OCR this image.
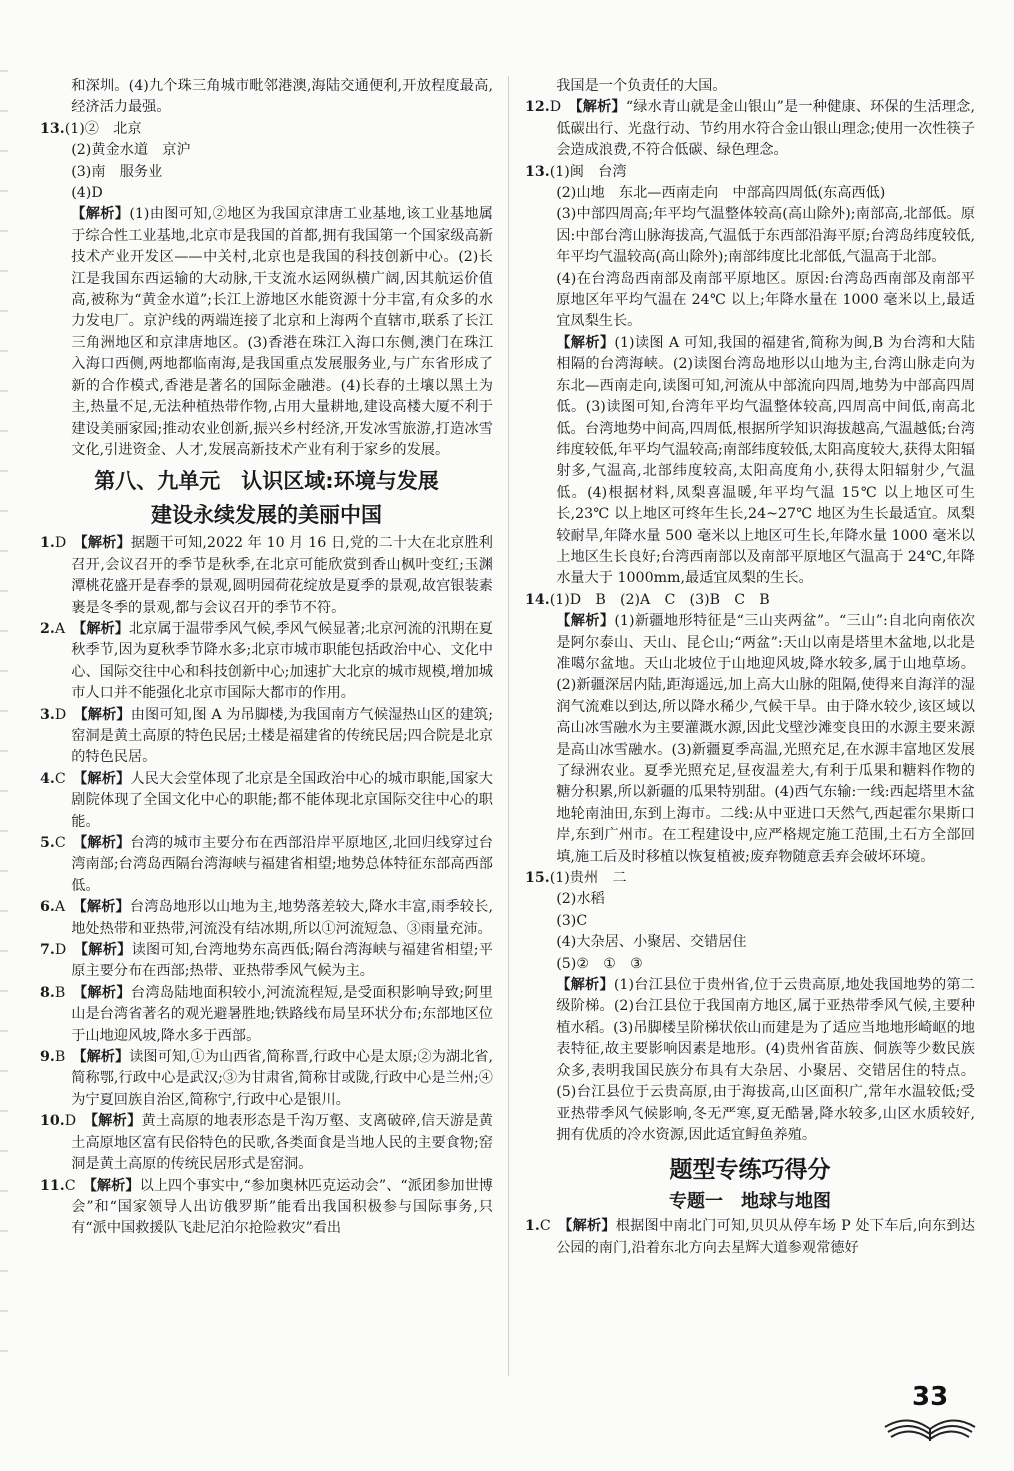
和深圳。(4)九个珠三角城市毗邻港澳,海陆交通便利,开放程度最高,经济活力最强。

13.(1)②　北京

(2)黄金水道　京沪

(3)南　服务业

(4)D

【解析】(1)由图可知,②地区为我国京津唐工业基地,该工业基地属于综合性工业基地,北京市是我国的首都,拥有我国第一个国家级高新技术产业开发区——中关村,北京也是我国的科技创新中心。(2)长江是我国东西运输的大动脉,干支流水运网纵横广阔,因其航运价值高,被称为“黄金水道”;长江上游地区水能资源十分丰富,有众多的水力发电厂。京沪线的两端连接了北京和上海两个直辖市,联系了长江三角洲地区和京津唐地区。(3)香港在珠江入海口东侧,澳门在珠江入海口西侧,两地都临南海,是我国重点发展服务业,与广东省形成了新的合作模式,香港是著名的国际金融港。(4)长春的土壤以黑土为主,热量不足,无法种植热带作物,占用大量耕地,建设高楼大厦不利于建设美丽家园;推动农业创新,振兴乡村经济,开发冰雪旅游,打造冰雪文化,引进资金、人才,发展高新技术产业有利于家乡的发展。

第八、九单元　认识区域:环境与发展
建设永续发展的美丽中国

1.D　 【解析】据题干可知,2022 年 10 月 16 日,党的二十大在北京胜利召开,会议召开的季节是秋季,在北京可能欣赏到香山枫叶变红;玉渊潭桃花盛开是春季的景观,圆明园荷花绽放是夏季的景观,故宫银装素裹是冬季的景观,都与会议召开的季节不符。

2.A　 【解析】北京属于温带季风气候,季风气候显著;北京河流的汛期在夏秋季节,因为夏秋季节降水多;北京市城市职能包括政治中心、文化中心、国际交往中心和科技创新中心;加速扩大北京的城市规模,增加城市人口并不能强化北京市国际大都市的作用。

3.D　 【解析】由图可知,图 A 为吊脚楼,为我国南方气候湿热山区的建筑;窑洞是黄土高原的特色民居;土楼是福建省的传统民居;四合院是北京的特色民居。

4.C　 【解析】人民大会堂体现了北京是全国政治中心的城市职能,国家大剧院体现了全国文化中心的职能;都不能体现北京国际交往中心的职能。

5.C　 【解析】台湾的城市主要分布在西部沿岸平原地区,北回归线穿过台湾南部;台湾岛西隔台湾海峡与福建省相望;地势总体特征东部高西部低。

6.A　 【解析】台湾岛地形以山地为主,地势落差较大,降水丰富,雨季较长,地处热带和亚热带,河流没有结冰期,所以①河流短急、③雨量充沛。

7.D　 【解析】读图可知,台湾地势东高西低;隔台湾海峡与福建省相望;平原主要分布在西部;热带、亚热带季风气候为主。

8.B　 【解析】台湾岛陆地面积较小,河流流程短,是受面积影响导致;阿里山是台湾省著名的观光避暑胜地;铁路线布局呈环状分布;东部地区位于山地迎风坡,降水多于西部。

9.B　 【解析】读图可知,①为山西省,简称晋,行政中心是太原;②为湖北省,简称鄂,行政中心是武汉;③为甘肃省,简称甘或陇,行政中心是兰州;④为宁夏回族自治区,简称宁,行政中心是银川。

10.D　 【解析】黄土高原的地表形态是千沟万壑、支离破碎,信天游是黄土高原地区富有民俗特色的民歌,各类面食是当地人民的主要食物;窑洞是黄土高原的传统民居形式是窑洞。

11.C　 【解析】以上四个事实中,“参加奥林匹克运动会”、“派团参加世博会”和“国家领导人出访俄罗斯”能看出我国积极参与国际事务,只有“派中国救援队飞赴尼泊尔抢险救灾”看出

我国是一个负责任的大国。

12.D　 【解析】“绿水青山就是金山银山”是一种健康、环保的生活理念,低碳出行、光盘行动、节约用水符合金山银山理念;使用一次性筷子会造成浪费,不符合低碳、绿色理念。

13.(1)闽　台湾

(2)山地　东北—西南走向　中部高四周低(东高西低)

(3)中部四周高;年平均气温整体较高(高山除外);南部高,北部低。原因:中部台湾山脉海拔高,气温低于东西部沿海平原;台湾岛纬度较低,年平均气温较高(高山除外);南部纬度比北部低,气温高于北部。

(4)在台湾岛西南部及南部平原地区。原因:台湾岛西南部及南部平原地区年平均气温在 24℃ 以上;年降水量在 1000 毫米以上,最适宜凤梨生长。

【解析】(1)读图 A 可知,我国的福建省,简称为闽,B 为台湾和大陆相隔的台湾海峡。(2)读图台湾岛地形以山地为主,台湾山脉走向为东北—西南走向,读图可知,河流从中部流向四周,地势为中部高四周低。(3)读图可知,台湾年平均气温整体较高,四周高中间低,南高北低。台湾地势中间高,四周低,根据所学知识海拔越高,气温越低;台湾纬度较低,年平均气温较高;南部纬度较低,太阳高度较大,获得太阳辐射多,气温高,北部纬度较高,太阳高度角小,获得太阳辐射少,气温低。(4)根据材料,凤梨喜温暖,年平均气温 15℃ 以上地区可生长,23℃ 以上地区可终年生长,24~27℃ 地区为生长最适宜。凤梨较耐旱,年降水量 500 毫米以上地区可生长,年降水量 1000 毫米以上地区生长良好;台湾西南部以及南部平原地区气温高于 24℃,年降水量大于 1000mm,最适宜凤梨的生长。

14.(1)D　B　(2)A　C　(3)B　C　B

【解析】(1)新疆地形特征是“三山夹两盆”。“三山”:自北向南依次是阿尔泰山、天山、昆仑山;“两盆”:天山以南是塔里木盆地,以北是准噶尔盆地。天山北坡位于山地迎风坡,降水较多,属于山地草场。(2)新疆深居内陆,距海遥远,加上高大山脉的阻隔,使得来自海洋的湿润气流难以到达,所以降水稀少,气候干旱。由于降水较少,该区域以高山冰雪融水为主要灌溉水源,因此戈壁沙滩变良田的水源主要来源是高山冰雪融水。(3)新疆夏季高温,光照充足,在水源丰富地区发展了绿洲农业。夏季光照充足,昼夜温差大,有利于瓜果和糖料作物的糖分积累,所以新疆的瓜果特别甜。(4)西气东输:一线:西起塔里木盆地轮南油田,东到上海市。二线:从中亚进口天然气,西起霍尔果斯口岸,东到广州市。在工程建设中,应严格规定施工范围,土石方全部回填,施工后及时移植以恢复植被;废弃物随意丢弃会破坏环境。

15.(1)贵州　二

(2)水稻

(3)C

(4)大杂居、小聚居、交错居住

(5)②　①　③

【解析】(1)台江县位于贵州省,位于云贵高原,地处我国地势的第二级阶梯。(2)台江县位于我国南方地区,属于亚热带季风气候,主要种植水稻。(3)吊脚楼呈阶梯状依山而建是为了适应当地地形崎岖的地表特征,故主要影响因素是地形。(4)贵州省苗族、侗族等少数民族众多,表明我国民族分布具有大杂居、小聚居、交错居住的特点。(5)台江县位于云贵高原,由于海拔高,山区面积广,常年水温较低;受亚热带季风气候影响,冬无严寒,夏无酷暑,降水较多,山区水质较好,拥有优质的冷水资源,因此适宜鲟鱼养殖。

题型专练巧得分
专题一　地球与地图

1.C　 【解析】根据图中南北门可知,贝贝从停车场 P 处下车后,向东到达公园的南门,沿着东北方向去星辉大道参观常德好

33
